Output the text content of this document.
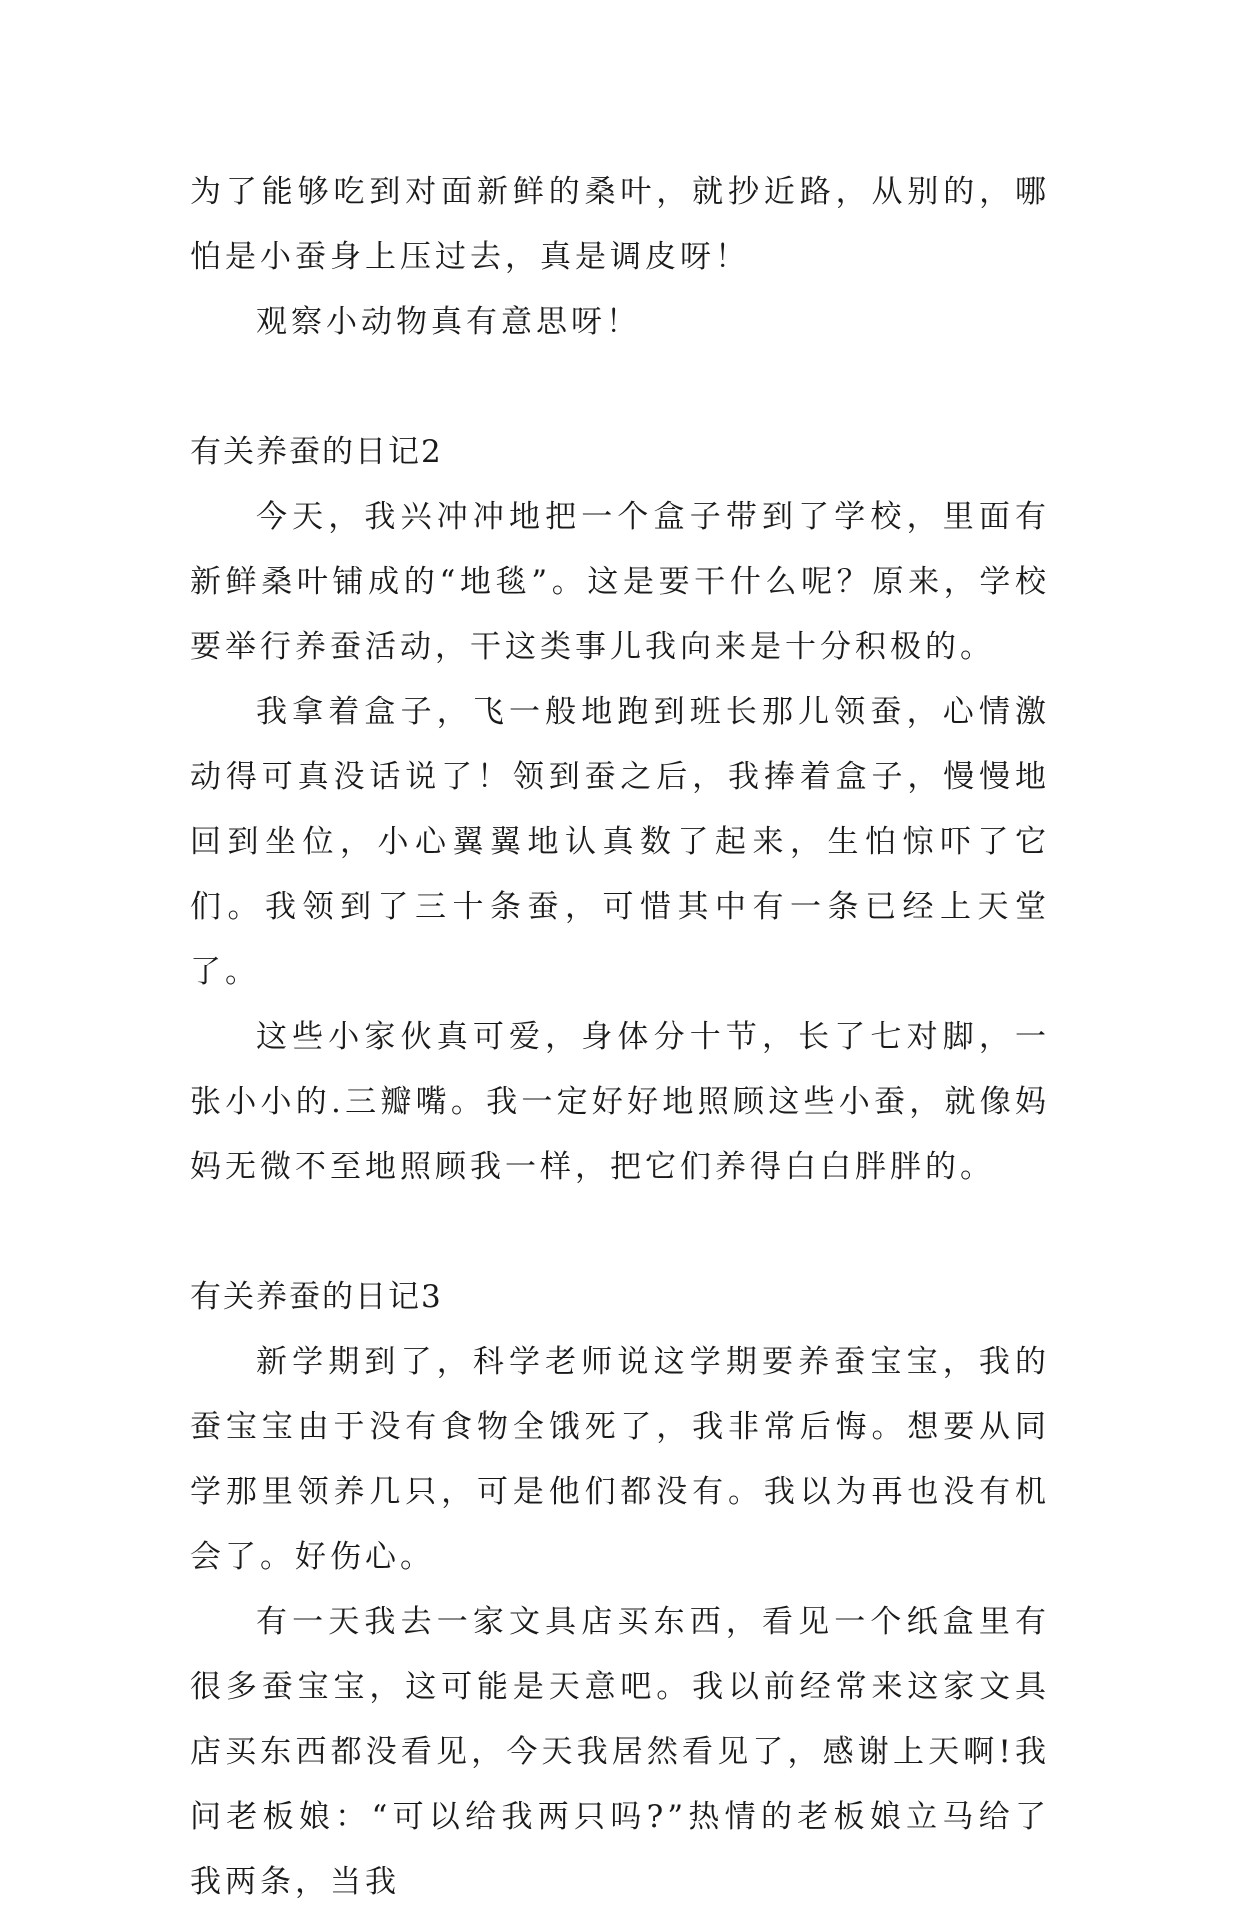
为了能够吃到对面新鲜的桑叶，就抄近路，从别的，哪怕是小蚕身上压过去，真是调皮呀！

观察小动物真有意思呀！

有关养蚕的日记2

今天，我兴冲冲地把一个盒子带到了学校，里面有新鲜桑叶铺成的“地毯”。这是要干什么呢？原来，学校要举行养蚕活动，干这类事儿我向来是十分积极的。

我拿着盒子，飞一般地跑到班长那儿领蚕，心情激动得可真没话说了！领到蚕之后，我捧着盒子，慢慢地回到坐位，小心翼翼地认真数了起来，生怕惊吓了它们。我领到了三十条蚕，可惜其中有一条已经上天堂了。

这些小家伙真可爱，身体分十节，长了七对脚，一张小小的.三瓣嘴。我一定好好地照顾这些小蚕，就像妈妈无微不至地照顾我一样，把它们养得白白胖胖的。

有关养蚕的日记3

新学期到了，科学老师说这学期要养蚕宝宝，我的蚕宝宝由于没有食物全饿死了，我非常后悔。想要从同学那里领养几只，可是他们都没有。我以为再也没有机会了。好伤心。

有一天我去一家文具店买东西，看见一个纸盒里有很多蚕宝宝，这可能是天意吧。我以前经常来这家文具店买东西都没看见，今天我居然看见了，感谢上天啊!我问老板娘：“可以给我两只吗?”热情的老板娘立马给了我两条，当我
